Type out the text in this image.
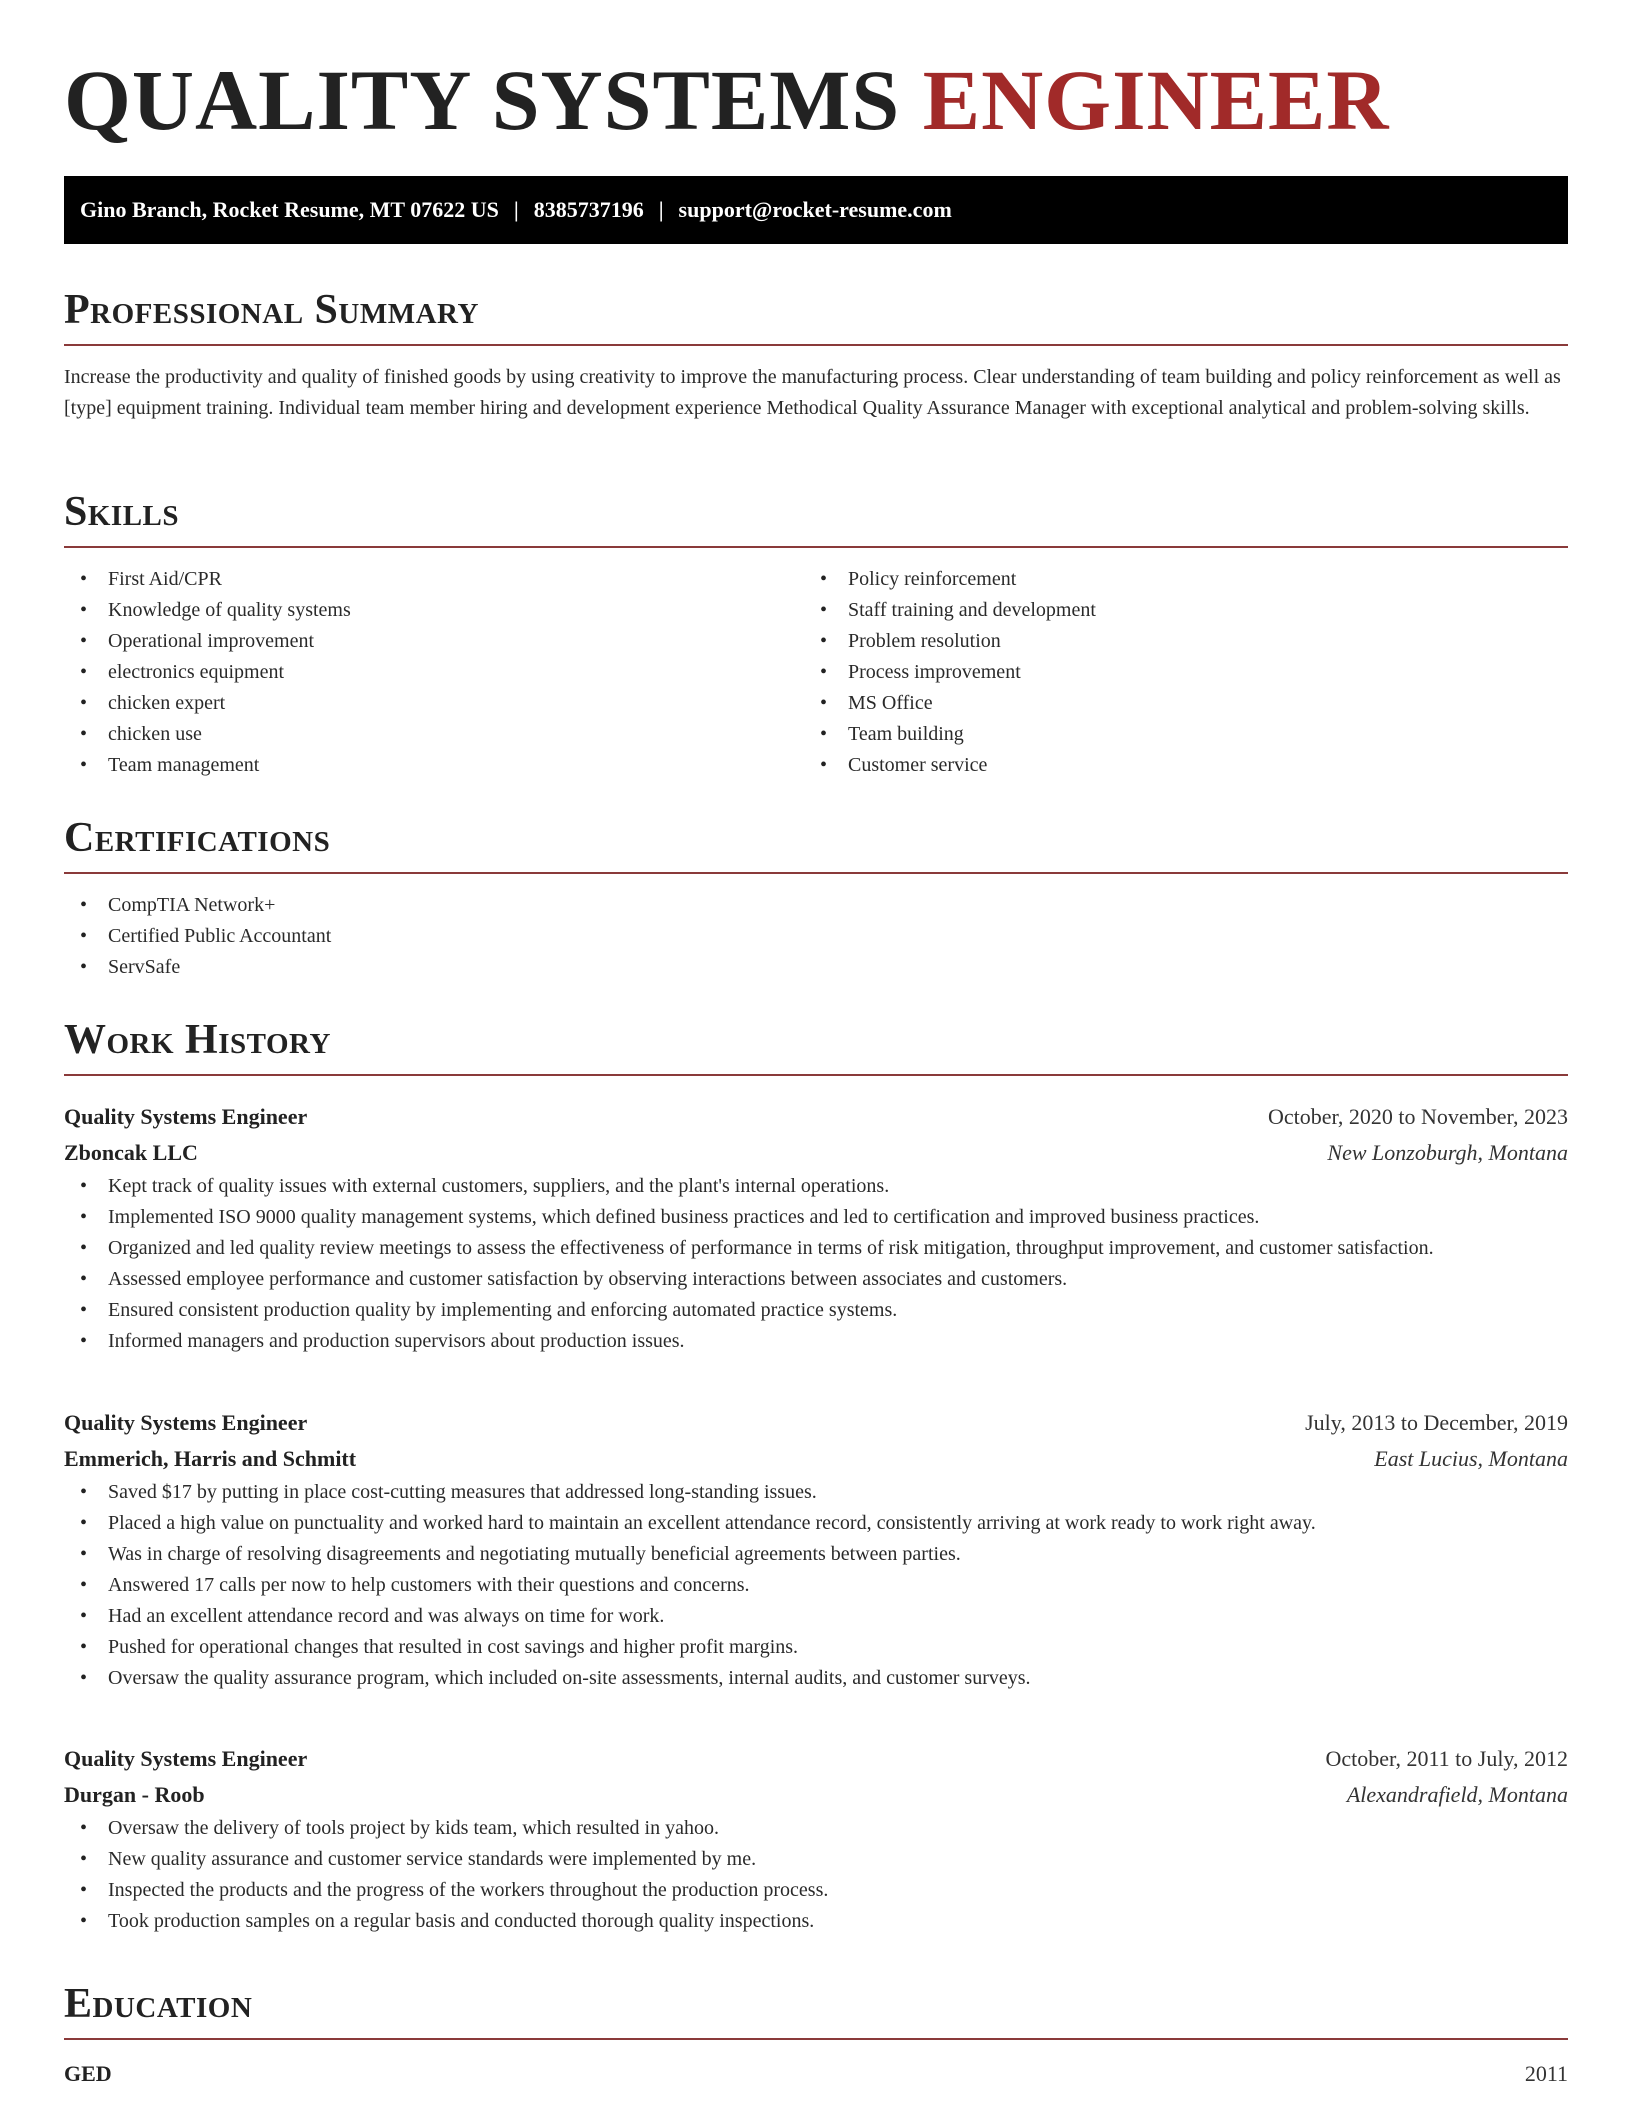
QUALITY SYSTEMS ENGINEER
Gino Branch, Rocket Resume, MT 07622 US | 8385737196 | support@rocket-resume.com
Professional Summary

Increase the productivity and quality of finished goods by using creativity to improve the manufacturing process. Clear understanding of team building and policy reinforcement as well as [type] equipment training. Individual team member hiring and development experience Methodical Quality Assurance Manager with exceptional analytical and problem-solving skills.

Skills
• First Aid/CPR
• Knowledge of quality systems
• Operational improvement
• electronics equipment
• chicken expert
• chicken use
• Team management
• Policy reinforcement
• Staff training and development
• Problem resolution
• Process improvement
• MS Office
• Team building
• Customer service
Certifications
• CompTIA Network+
• Certified Public Accountant
• ServSafe
Work History
Quality Systems Engineer	October, 2020 to November, 2023
Zboncak LLC	New Lonzoburgh, Montana
• Kept track of quality issues with external customers, suppliers, and the plant's internal operations.
• Implemented ISO 9000 quality management systems, which defined business practices and led to certification and improved business practices.
• Organized and led quality review meetings to assess the effectiveness of performance in terms of risk mitigation, throughput improvement, and customer satisfaction.
• Assessed employee performance and customer satisfaction by observing interactions between associates and customers.
• Ensured consistent production quality by implementing and enforcing automated practice systems.
• Informed managers and production supervisors about production issues.
Quality Systems Engineer	July, 2013 to December, 2019
Emmerich, Harris and Schmitt	East Lucius, Montana
• Saved $17 by putting in place cost-cutting measures that addressed long-standing issues.
• Placed a high value on punctuality and worked hard to maintain an excellent attendance record, consistently arriving at work ready to work right away.
• Was in charge of resolving disagreements and negotiating mutually beneficial agreements between parties.
• Answered 17 calls per now to help customers with their questions and concerns.
• Had an excellent attendance record and was always on time for work.
• Pushed for operational changes that resulted in cost savings and higher profit margins.
• Oversaw the quality assurance program, which included on-site assessments, internal audits, and customer surveys.
Quality Systems Engineer	October, 2011 to July, 2012
Durgan - Roob	Alexandrafield, Montana
• Oversaw the delivery of tools project by kids team, which resulted in yahoo.
• New quality assurance and customer service standards were implemented by me.
• Inspected the products and the progress of the workers throughout the production process.
• Took production samples on a regular basis and conducted thorough quality inspections.
Education
GED	2011
